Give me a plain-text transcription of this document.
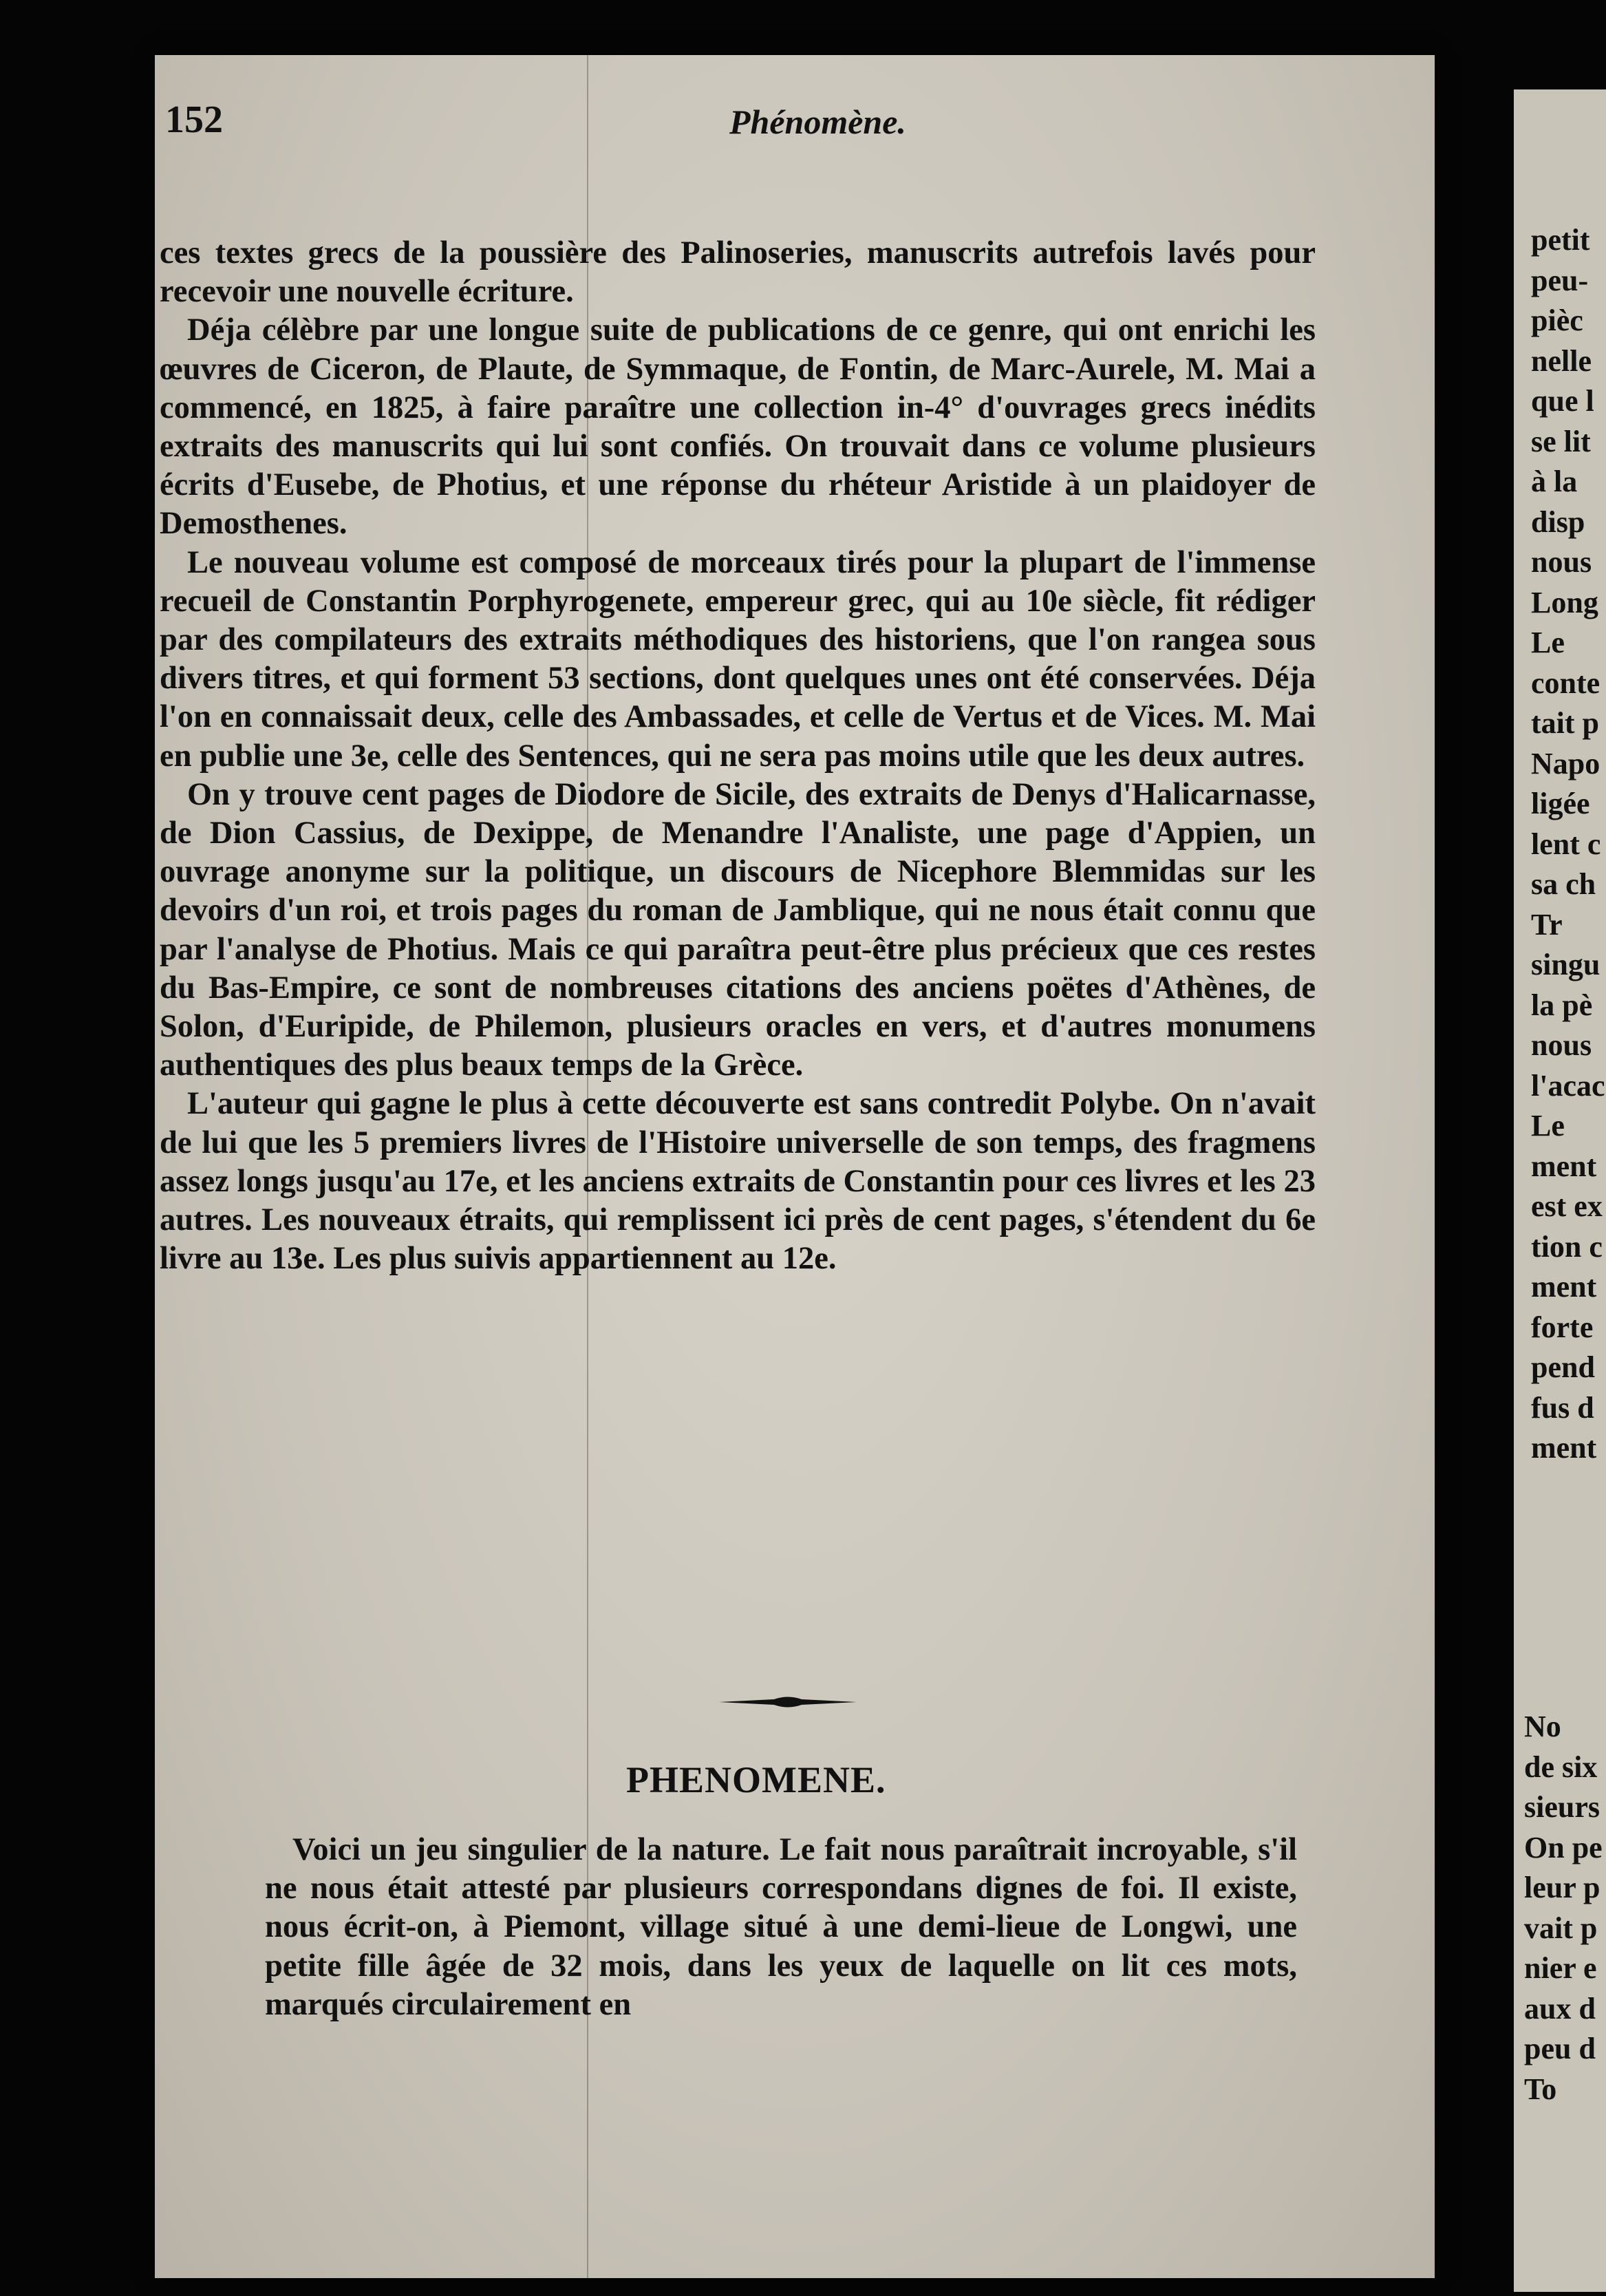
152	Phénomène.

ces textes grecs de la poussière des Palinoseries, manuscrits autrefois lavés pour recevoir une nouvelle écriture.

Déja célèbre par une longue suite de publications de ce genre, qui ont enrichi les œuvres de Ciceron, de Plaute, de Symmaque, de Fontin, de Marc-Aurele, M. Mai a commencé, en 1825, à faire paraître une collection in-4° d'ouvrages grecs inédits extraits des manuscrits qui lui sont confiés. On trouvait dans ce volume plusieurs écrits d'Eusebe, de Photius, et une réponse du rhéteur Aristide à un plaidoyer de Demosthenes.

Le nouveau volume est composé de morceaux tirés pour la plupart de l'immense recueil de Constantin Porphyrogenete, empereur grec, qui au 10e siècle, fit rédiger par des compilateurs des extraits méthodiques des historiens, que l'on rangea sous divers titres, et qui forment 53 sections, dont quelques unes ont été conservées. Déja l'on en connaissait deux, celle des Ambassades, et celle de Vertus et de Vices. M. Mai en publie une 3e, celle des Sentences, qui ne sera pas moins utile que les deux autres.

On y trouve cent pages de Diodore de Sicile, des extraits de Denys d'Halicarnasse, de Dion Cassius, de Dexippe, de Menandre l'Analiste, une page d'Appien, un ouvrage anonyme sur la politique, un discours de Nicephore Blemmidas sur les devoirs d'un roi, et trois pages du roman de Jamblique, qui ne nous était connu que par l'analyse de Photius. Mais ce qui paraîtra peut-être plus précieux que ces restes du Bas-Empire, ce sont de nombreuses citations des anciens poëtes d'Athènes, de Solon, d'Euripide, de Philemon, plusieurs oracles en vers, et d'autres monumens authentiques des plus beaux temps de la Grèce.

L'auteur qui gagne le plus à cette découverte est sans contredit Polybe. On n'avait de lui que les 5 premiers livres de l'Histoire universelle de son temps, des fragmens assez longs jusqu'au 17e, et les anciens extraits de Constantin pour ces livres et les 23 autres. Les nouveaux étraits, qui remplissent ici près de cent pages, s'étendent du 6e livre au 13e. Les plus suivis appartiennent au 12e.

PHENOMENE.

Voici un jeu singulier de la nature. Le fait nous paraîtrait incroyable, s'il ne nous était attesté par plusieurs correspondans dignes de foi. Il existe, nous écrit-on, à Piemont, village situé à une demi-lieue de Longwi, une petite fille âgée de 32 mois, dans les yeux de laquelle on lit ces mots, marqués circulairement en

petit
peu-
pièc
nelle
que l
se lit
à la
disp
nous
Long
Le
conte
tait p
Napo
ligée
lent c
sa ch
Tr
singu
la pè
nous
l'acac
Le
ment
est ex
tion c
ment
forte
pend
fus d
ment
No
de six
sieurs
On pe
leur p
vait p
nier e
aux d
peu d
To
